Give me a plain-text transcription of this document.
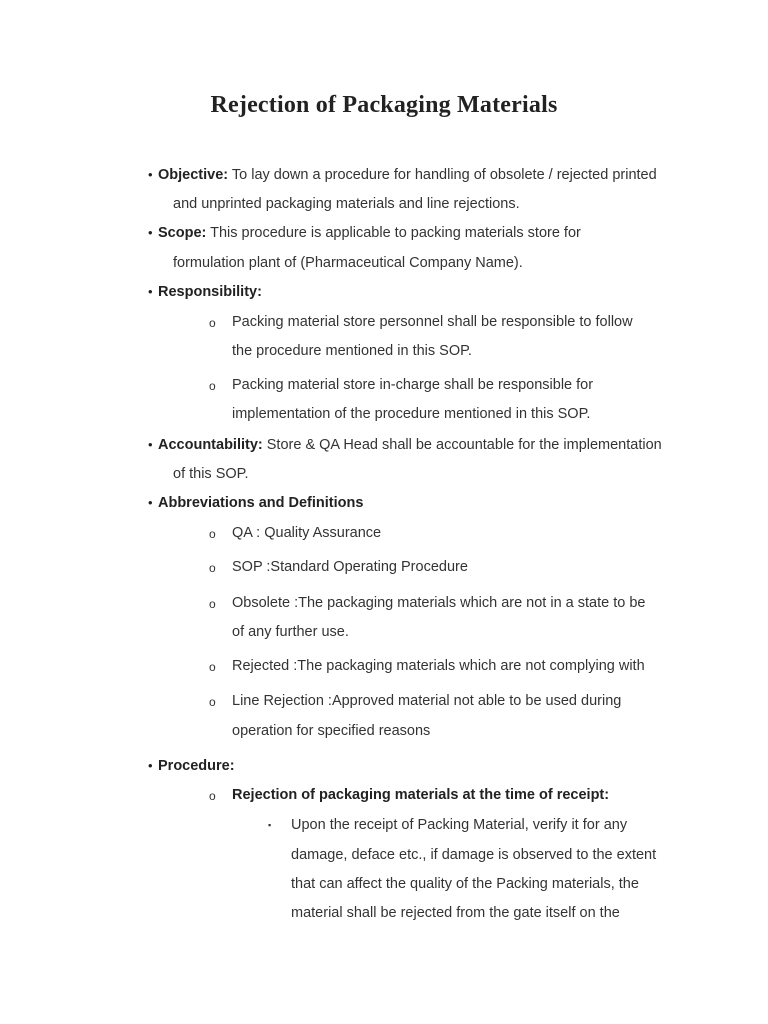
Rejection of Packaging Materials
• Objective: To lay down a procedure for handling of obsolete / rejected printed
and unprinted packaging materials and line rejections.
• Scope: This procedure is applicable to packing materials store for
formulation plant of (Pharmaceutical Company Name).
• Responsibility:
o Packing material store personnel shall be responsible to follow
the procedure mentioned in this SOP.
o Packing material store in-charge shall be responsible for
implementation of the procedure mentioned in this SOP.
• Accountability: Store & QA Head shall be accountable for the implementation
of this SOP.
• Abbreviations and Definitions
o QA : Quality Assurance
o SOP :Standard Operating Procedure
o Obsolete :The packaging materials which are not in a state to be
of any further use.
o Rejected :The packaging materials which are not complying with
o Line Rejection :Approved material not able to be used during
operation for specified reasons
• Procedure:
o Rejection of packaging materials at the time of receipt:
▪ Upon the receipt of Packing Material, verify it for any
damage, deface etc., if damage is observed to the extent
that can affect the quality of the Packing materials, the
material shall be rejected from the gate itself on the
